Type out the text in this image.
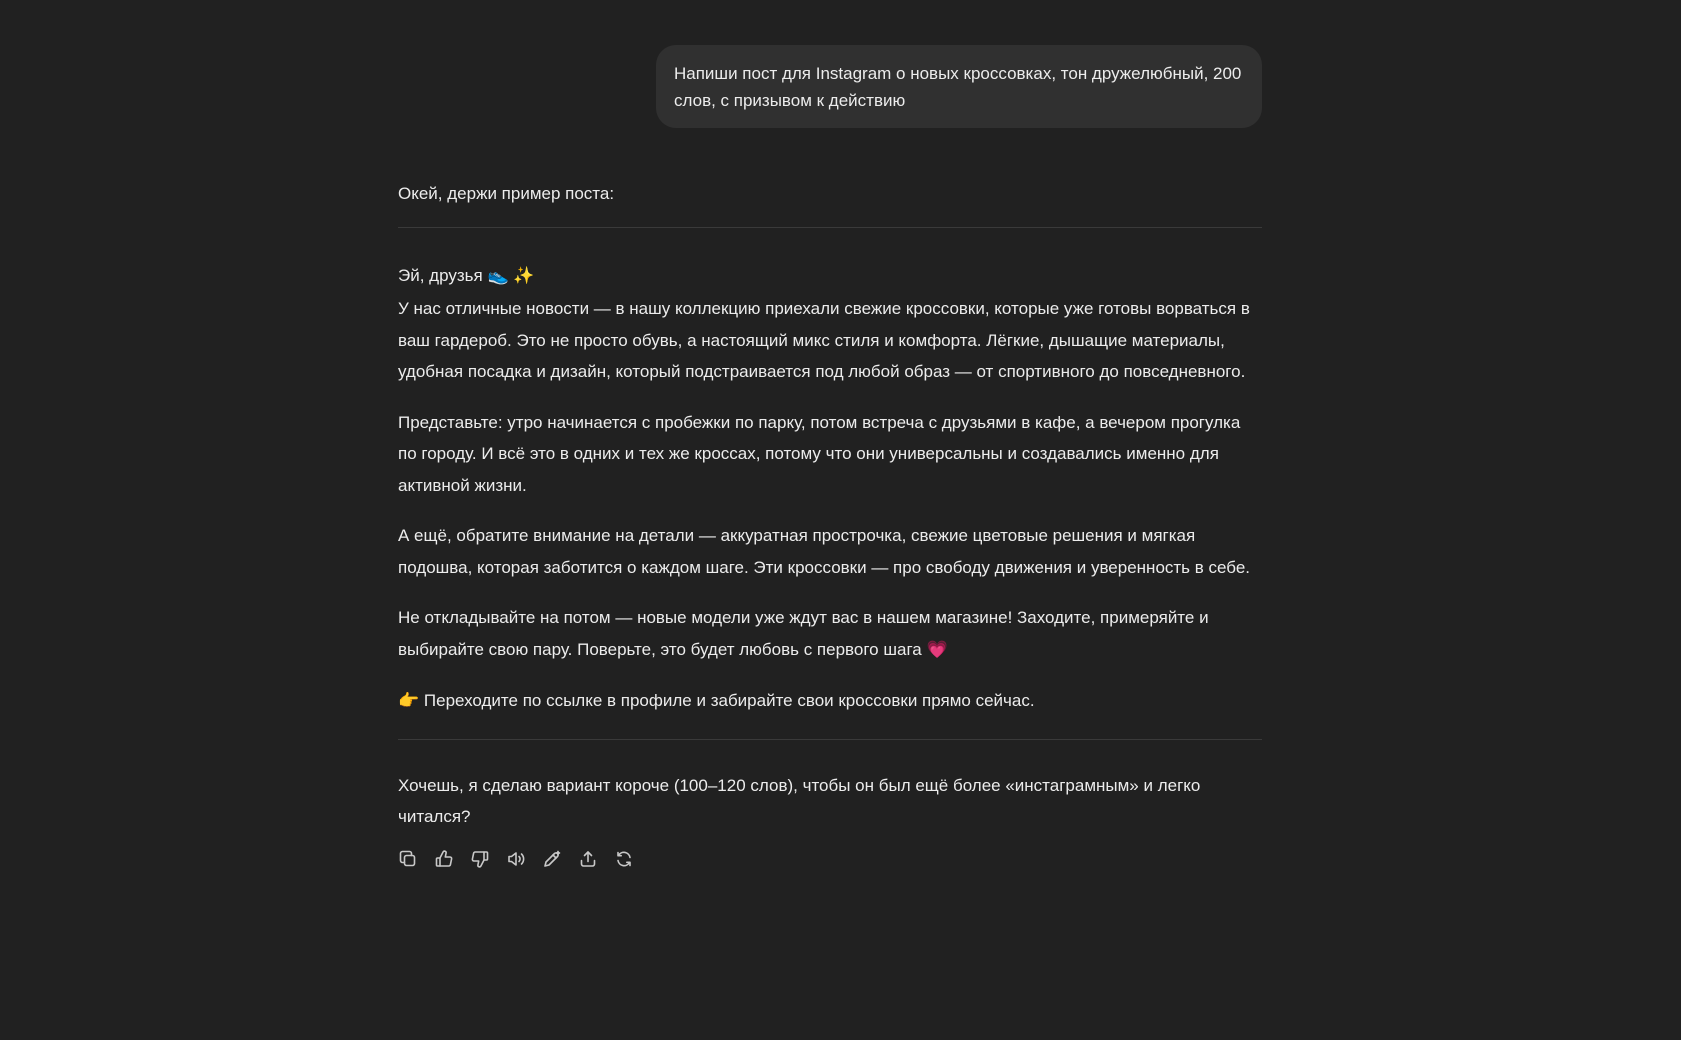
Напиши пост для Instagram о новых кроссовках, тон дружелюбный, 200 слов, с призывом к действию

Окей, держи пример поста:

Эй, друзья 👟 ✨

У нас отличные новости — в нашу коллекцию приехали свежие кроссовки, которые уже готовы ворваться в ваш гардероб. Это не просто обувь, а настоящий микс стиля и комфорта. Лёгкие, дышащие материалы, удобная посадка и дизайн, который подстраивается под любой образ — от спортивного до повседневного.

Представьте: утро начинается с пробежки по парку, потом встреча с друзьями в кафе, а вечером прогулка по городу. И всё это в одних и тех же кроссах, потому что они универсальны и создавались именно для активной жизни.

А ещё, обратите внимание на детали — аккуратная прострочка, свежие цветовые решения и мягкая подошва, которая заботится о каждом шаге. Эти кроссовки — про свободу движения и уверенность в себе.

Не откладывайте на потом — новые модели уже ждут вас в нашем магазине! Заходите, примеряйте и выбирайте свою пару. Поверьте, это будет любовь с первого шага 💗

👉 Переходите по ссылке в профиле и забирайте свои кроссовки прямо сейчас.

Хочешь, я сделаю вариант короче (100–120 слов), чтобы он был ещё более «инстаграмным» и легко читался?
